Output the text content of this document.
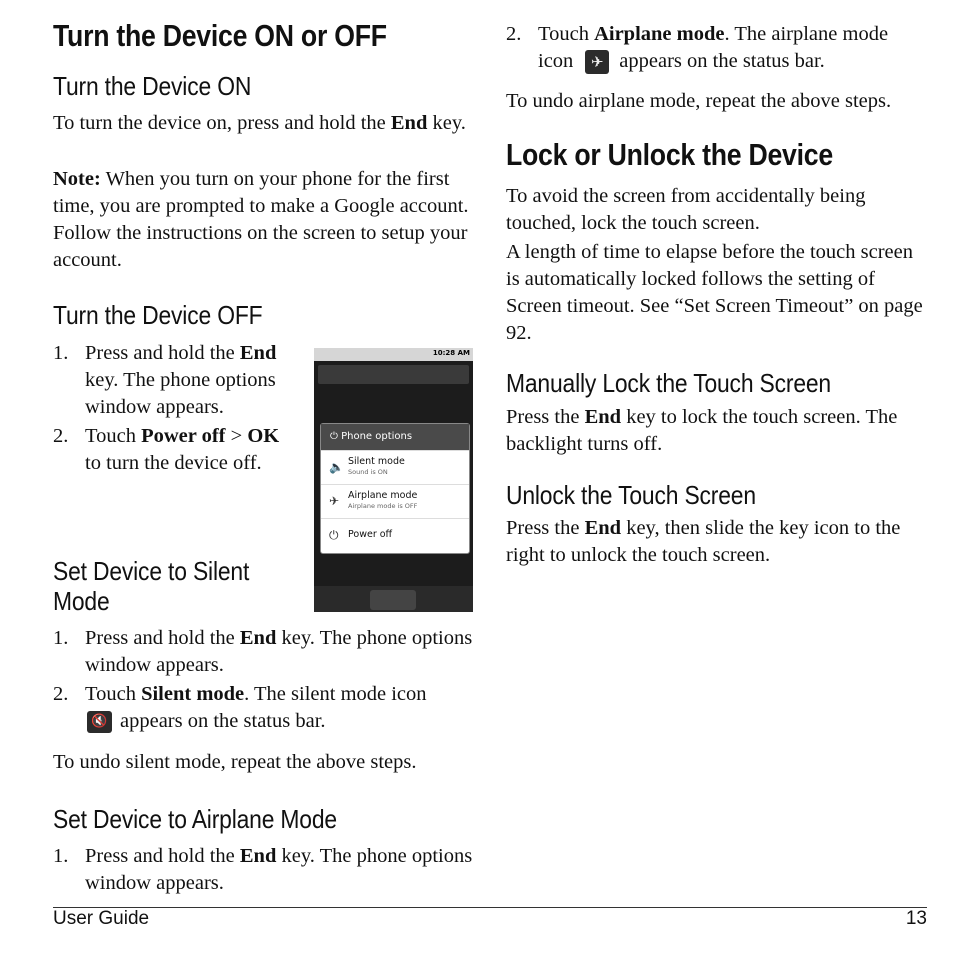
Turn the Device ON or OFF
Turn the Device ON

To turn the device on, press and hold the End key.

Note: When you turn on your phone for the first time, you are prompted to make a Google account. Follow the instructions on the screen to setup your account.

Turn the Device OFF
1. Press and hold the End key. The phone options window appears.
2. Touch Power off > OK to turn the device off.
10:28 AM
⏻ Phone options
🔈 Silent mode
Sound is ON
✈ Airplane mode
Airplane mode is OFF
⏻ Power off
Set Device to Silent
Mode
1. Press and hold the End key. The phone options window appears.
2. Touch Silent mode. The silent mode icon
🔇 appears on the status bar.

To undo silent mode, repeat the above steps.

Set Device to Airplane Mode
1. Press and hold the End key. The phone options window appears.
2. Touch Airplane mode. The airplane mode
icon ✈ appears on the status bar.

To undo airplane mode, repeat the above steps.

Lock or Unlock the Device

To avoid the screen from accidentally being touched, lock the touch screen.

A length of time to elapse before the touch screen is automatically locked follows the setting of Screen timeout. See “Set Screen Timeout” on page 92.

Manually Lock the Touch Screen

Press the End key to lock the touch screen. The backlight turns off.

Unlock the Touch Screen

Press the End key, then slide the key icon to the right to unlock the touch screen.

User Guide	13
